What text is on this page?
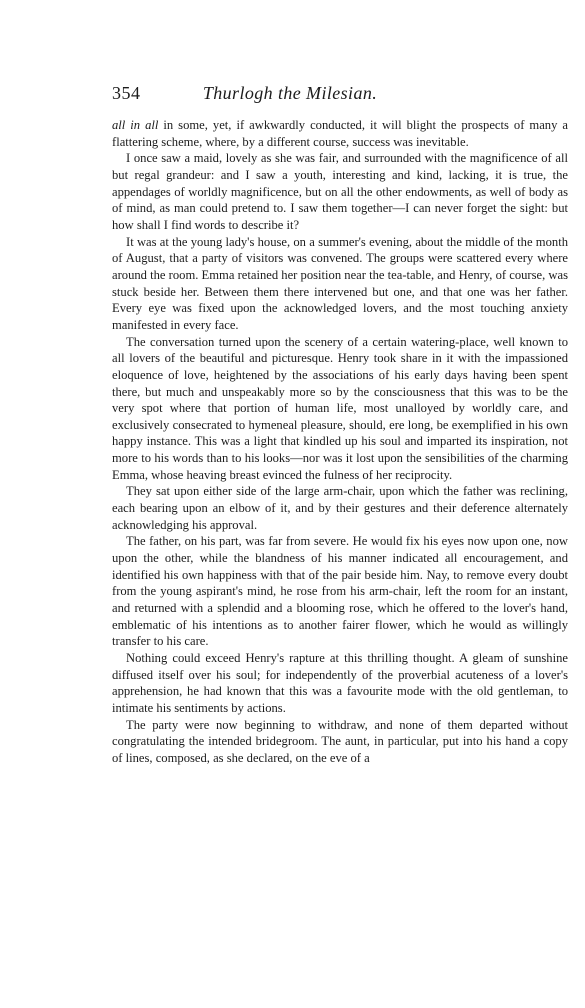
354	Thurlogh the Milesian.

all in all in some, yet, if awkwardly conducted, it will blight the prospects of many a flattering scheme, where, by a different course, success was inevitable.

I once saw a maid, lovely as she was fair, and surrounded with the magnificence of all but regal grandeur: and I saw a youth, interesting and kind, lacking, it is true, the appendages of worldly magnificence, but on all the other endowments, as well of body as of mind, as man could pretend to. I saw them together—I can never forget the sight: but how shall I find words to describe it?

It was at the young lady's house, on a summer's evening, about the middle of the month of August, that a party of visitors was convened. The groups were scattered every where around the room. Emma retained her position near the tea-table, and Henry, of course, was stuck beside her. Between them there intervened but one, and that one was her father. Every eye was fixed upon the acknowledged lovers, and the most touching anxiety manifested in every face.

The conversation turned upon the scenery of a certain watering-place, well known to all lovers of the beautiful and picturesque. Henry took share in it with the impassioned eloquence of love, heightened by the associations of his early days having been spent there, but much and unspeakably more so by the consciousness that this was to be the very spot where that portion of human life, most unalloyed by worldly care, and exclusively consecrated to hymeneal pleasure, should, ere long, be exemplified in his own happy instance. This was a light that kindled up his soul and imparted its inspiration, not more to his words than to his looks—nor was it lost upon the sensibilities of the charming Emma, whose heaving breast evinced the fulness of her reciprocity.

They sat upon either side of the large arm-chair, upon which the father was reclining, each bearing upon an elbow of it, and by their gestures and their deference alternately acknowledging his approval.

The father, on his part, was far from severe. He would fix his eyes now upon one, now upon the other, while the blandness of his manner indicated all encouragement, and identified his own happiness with that of the pair beside him. Nay, to remove every doubt from the young aspirant's mind, he rose from his arm-chair, left the room for an instant, and returned with a splendid and a blooming rose, which he offered to the lover's hand, emblematic of his intentions as to another fairer flower, which he would as willingly transfer to his care.

Nothing could exceed Henry's rapture at this thrilling thought. A gleam of sunshine diffused itself over his soul; for independently of the proverbial acuteness of a lover's apprehension, he had known that this was a favourite mode with the old gentleman, to intimate his sentiments by actions.

The party were now beginning to withdraw, and none of them departed without congratulating the intended bridegroom. The aunt, in particular, put into his hand a copy of lines, composed, as she declared, on the eve of a
